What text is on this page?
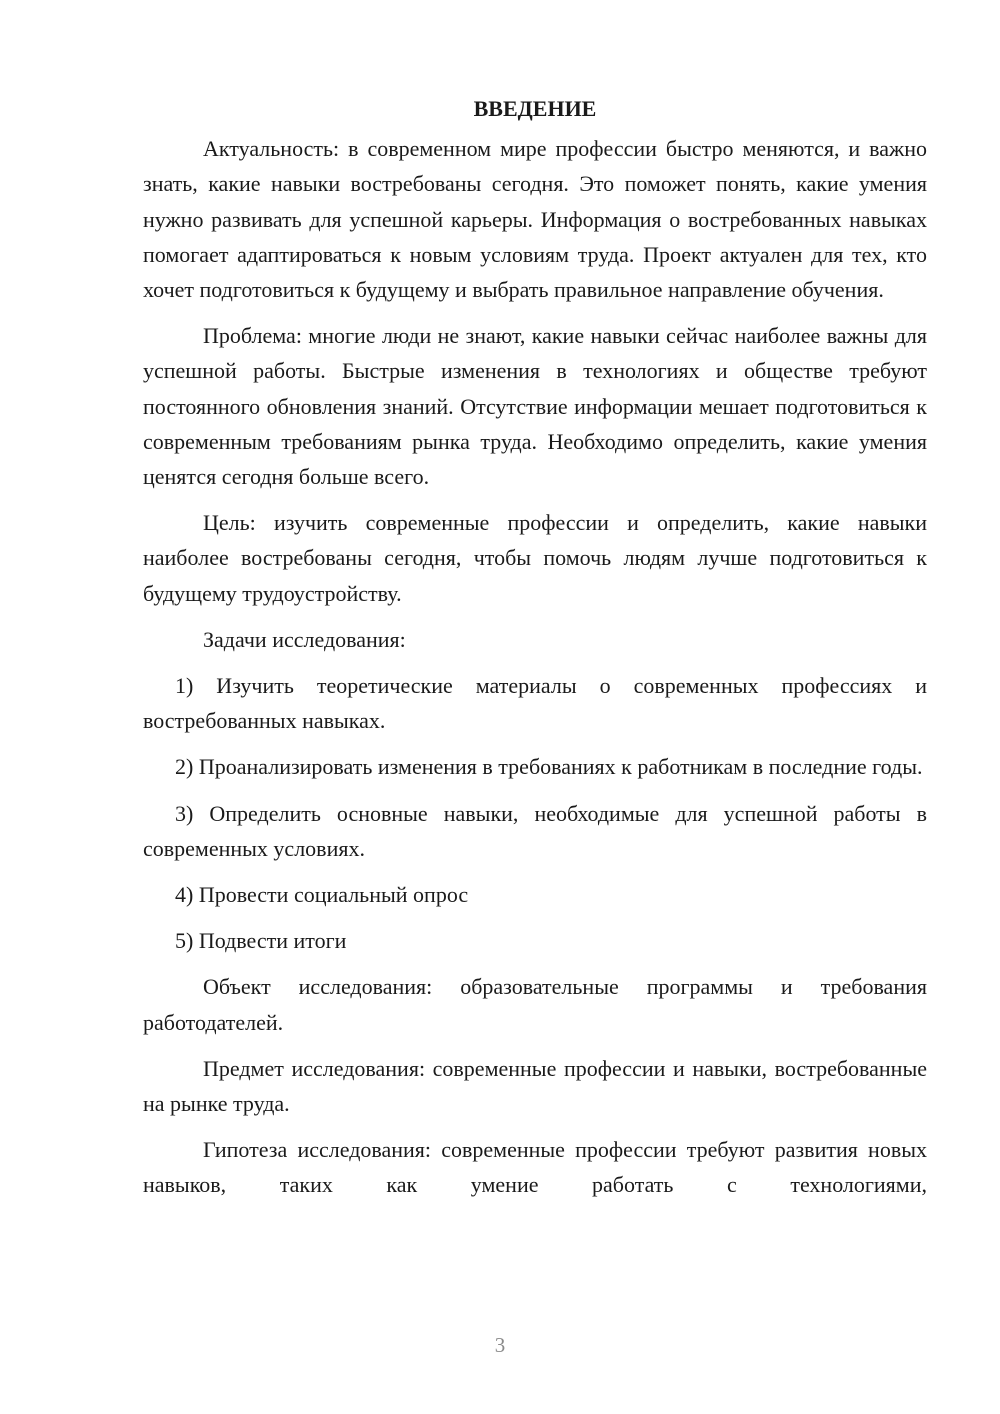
ВВЕДЕНИЕ

Актуальность: в современном мире профессии быстро меняются, и важно знать, какие навыки востребованы сегодня. Это поможет понять, какие умения нужно развивать для успешной карьеры. Информация о востребованных навыках помогает адаптироваться к новым условиям труда. Проект актуален для тех, кто хочет подготовиться к будущему и выбрать правильное направление обучения.

Проблема: многие люди не знают, какие навыки сейчас наиболее важны для успешной работы. Быстрые изменения в технологиях и обществе требуют постоянного обновления знаний. Отсутствие информации мешает подготовиться к современным требованиям рынка труда. Необходимо определить, какие умения ценятся сегодня больше всего.

Цель: изучить современные профессии и определить, какие навыки наиболее востребованы сегодня, чтобы помочь людям лучше подготовиться к будущему трудоустройству.

Задачи исследования:

1) Изучить теоретические материалы о современных профессиях и востребованных навыках.

2) Проанализировать изменения в требованиях к работникам в последние годы.

3) Определить основные навыки, необходимые для успешной работы в современных условиях.

4) Провести социальный опрос

5) Подвести итоги

Объект исследования: образовательные программы и требования работодателей.

Предмет исследования: современные профессии и навыки, востребованные на рынке труда.

Гипотеза исследования: современные профессии требуют развития новых навыков, таких как умение работать с технологиями,

3
